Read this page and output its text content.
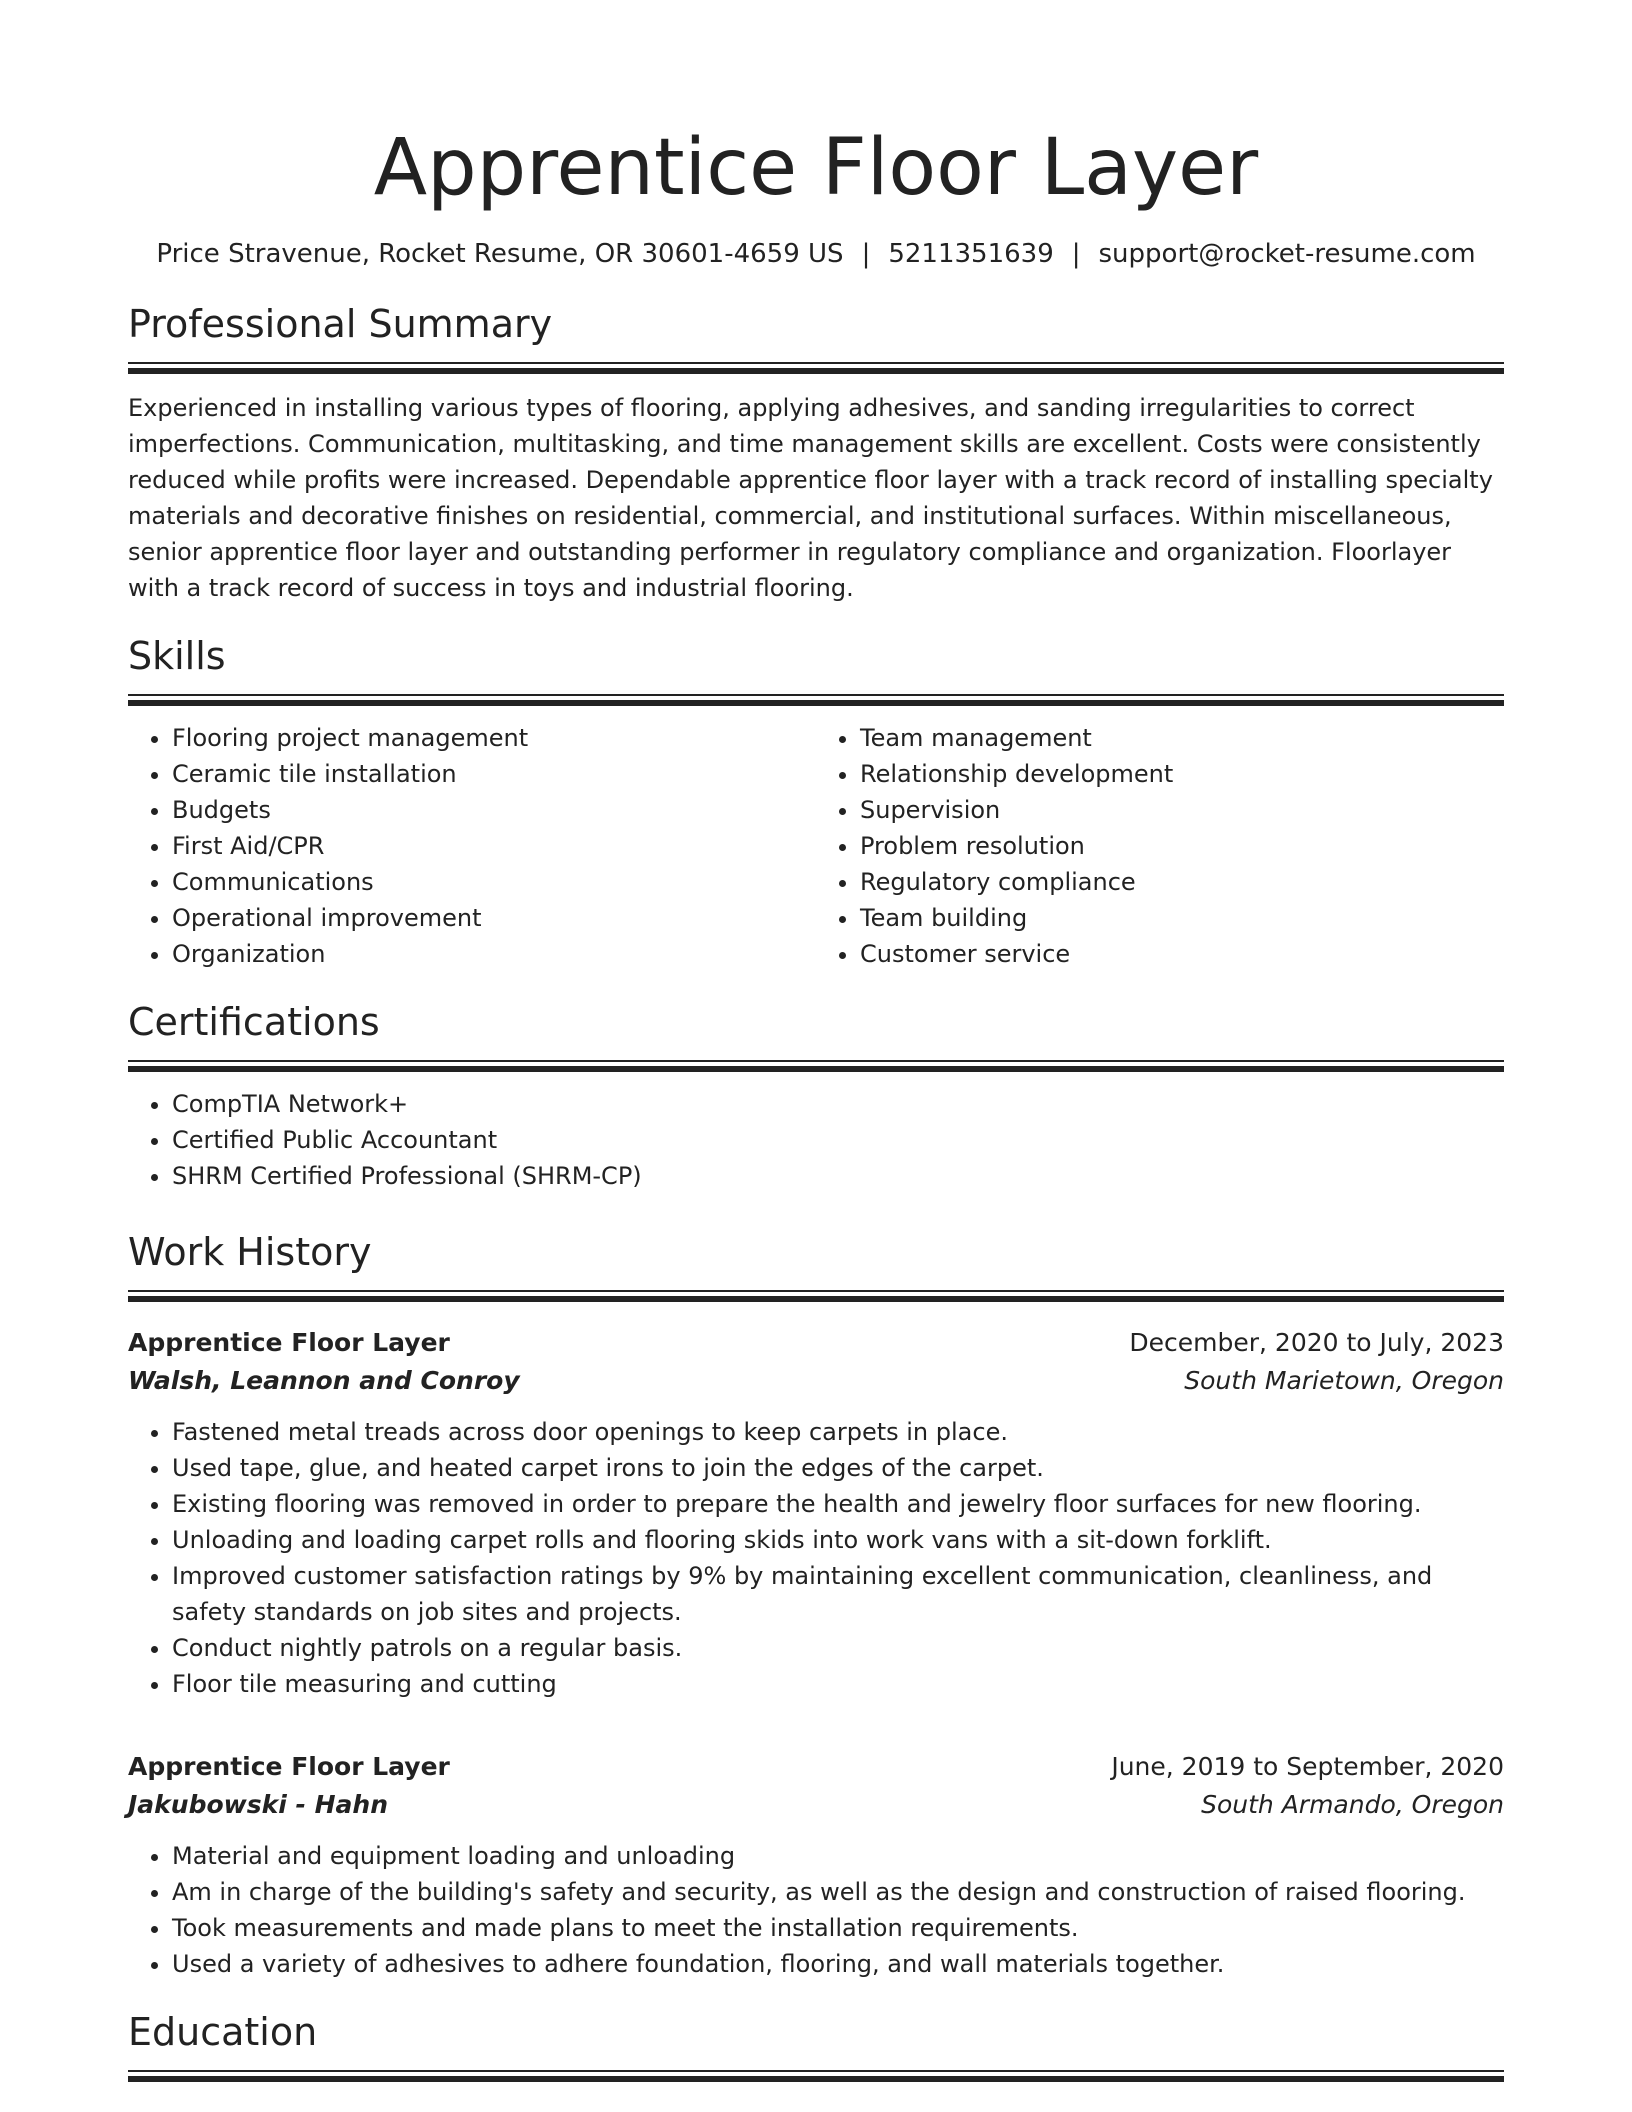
Apprentice Floor Layer
Price Stravenue, Rocket Resume, OR 30601-4659 US | 5211351639 | support@rocket-resume.com
Professional Summary
Experienced in installing various types of flooring, applying adhesives, and sanding irregularities to correct imperfections. Communication, multitasking, and time management skills are excellent. Costs were consistently reduced while profits were increased. Dependable apprentice floor layer with a track record of installing specialty materials and decorative finishes on residential, commercial, and institutional surfaces. Within miscellaneous, senior apprentice floor layer and outstanding performer in regulatory compliance and organization. Floorlayer with a track record of success in toys and industrial flooring.
Skills
• Flooring project management
• Ceramic tile installation
• Budgets
• First Aid/CPR
• Communications
• Operational improvement
• Organization
• Team management
• Relationship development
• Supervision
• Problem resolution
• Regulatory compliance
• Team building
• Customer service
Certifications
• CompTIA Network+
• Certified Public Accountant
• SHRM Certified Professional (SHRM-CP)
Work History
Apprentice Floor Layer	December, 2020 to July, 2023
Walsh, Leannon and Conroy	South Marietown, Oregon
• Fastened metal treads across door openings to keep carpets in place.
• Used tape, glue, and heated carpet irons to join the edges of the carpet.
• Existing flooring was removed in order to prepare the health and jewelry floor surfaces for new flooring.
• Unloading and loading carpet rolls and flooring skids into work vans with a sit-down forklift.
• Improved customer satisfaction ratings by 9% by maintaining excellent communication, cleanliness, and safety standards on job sites and projects.
• Conduct nightly patrols on a regular basis.
• Floor tile measuring and cutting
Apprentice Floor Layer	June, 2019 to September, 2020
Jakubowski - Hahn	South Armando, Oregon
• Material and equipment loading and unloading
• Am in charge of the building's safety and security, as well as the design and construction of raised flooring.
• Took measurements and made plans to meet the installation requirements.
• Used a variety of adhesives to adhere foundation, flooring, and wall materials together.
Education
